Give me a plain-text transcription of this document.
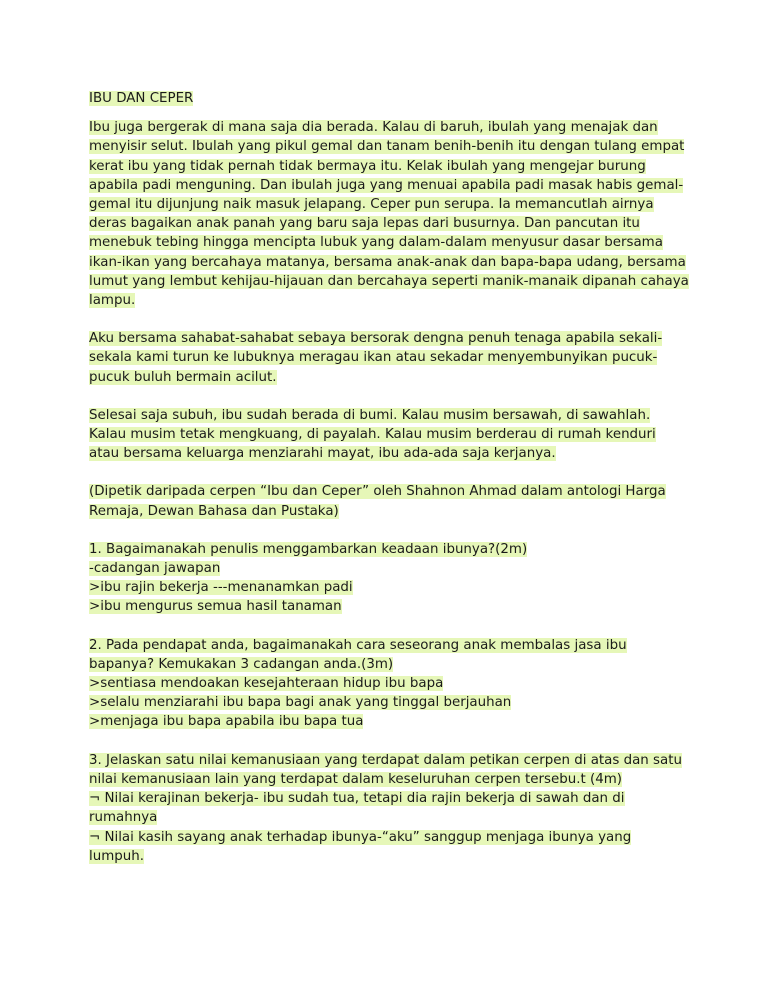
IBU DAN CEPER
Ibu juga bergerak di mana saja dia berada. Kalau di baruh, ibulah yang menajak dan menyisir selut. Ibulah yang pikul gemal dan tanam benih-benih itu dengan tulang empat kerat ibu yang tidak pernah tidak bermaya itu. Kelak ibulah yang mengejar burung apabila padi menguning. Dan ibulah juga yang menuai apabila padi masak habis gemal-gemal itu dijunjung naik masuk jelapang. Ceper pun serupa. Ia memancutlah airnya deras bagaikan anak panah yang baru saja lepas dari busurnya. Dan pancutan itu menebuk tebing hingga mencipta lubuk yang dalam-dalam menyusur dasar bersama ikan-ikan yang bercahaya matanya, bersama anak-anak dan bapa-bapa udang, bersama lumut yang lembut kehijau-hijauan dan bercahaya seperti manik-manaik dipanah cahaya lampu.
Aku bersama sahabat-sahabat sebaya bersorak dengna penuh tenaga apabila sekali-sekala kami turun ke lubuknya meragau ikan atau sekadar menyembunyikan pucuk-pucuk buluh bermain acilut.
Selesai saja subuh, ibu sudah berada di bumi. Kalau musim bersawah, di sawahlah. Kalau musim tetak mengkuang, di payalah. Kalau musim berderau di rumah kenduri atau bersama keluarga menziarahi mayat, ibu ada-ada saja kerjanya.
(Dipetik daripada cerpen “Ibu dan Ceper” oleh Shahnon Ahmad dalam antologi Harga Remaja, Dewan Bahasa dan Pustaka)
1. Bagaimanakah penulis menggambarkan keadaan ibunya?(2m)
-cadangan jawapan
>ibu rajin bekerja ---menanamkan padi
>ibu mengurus semua hasil tanaman
2. Pada pendapat anda, bagaimanakah cara seseorang anak membalas jasa ibu bapanya? Kemukakan 3 cadangan anda.(3m)
>sentiasa mendoakan kesejahteraan hidup ibu bapa
>selalu menziarahi ibu bapa bagi anak yang tinggal berjauhan
>menjaga ibu bapa apabila ibu bapa tua
3. Jelaskan satu nilai kemanusiaan yang terdapat dalam petikan cerpen di atas dan satu nilai kemanusiaan lain yang terdapat dalam keseluruhan cerpen tersebu.t (4m)
¬ Nilai kerajinan bekerja- ibu sudah tua, tetapi dia rajin bekerja di sawah dan di rumahnya
¬ Nilai kasih sayang anak terhadap ibunya-“aku” sanggup menjaga ibunya yang lumpuh.
